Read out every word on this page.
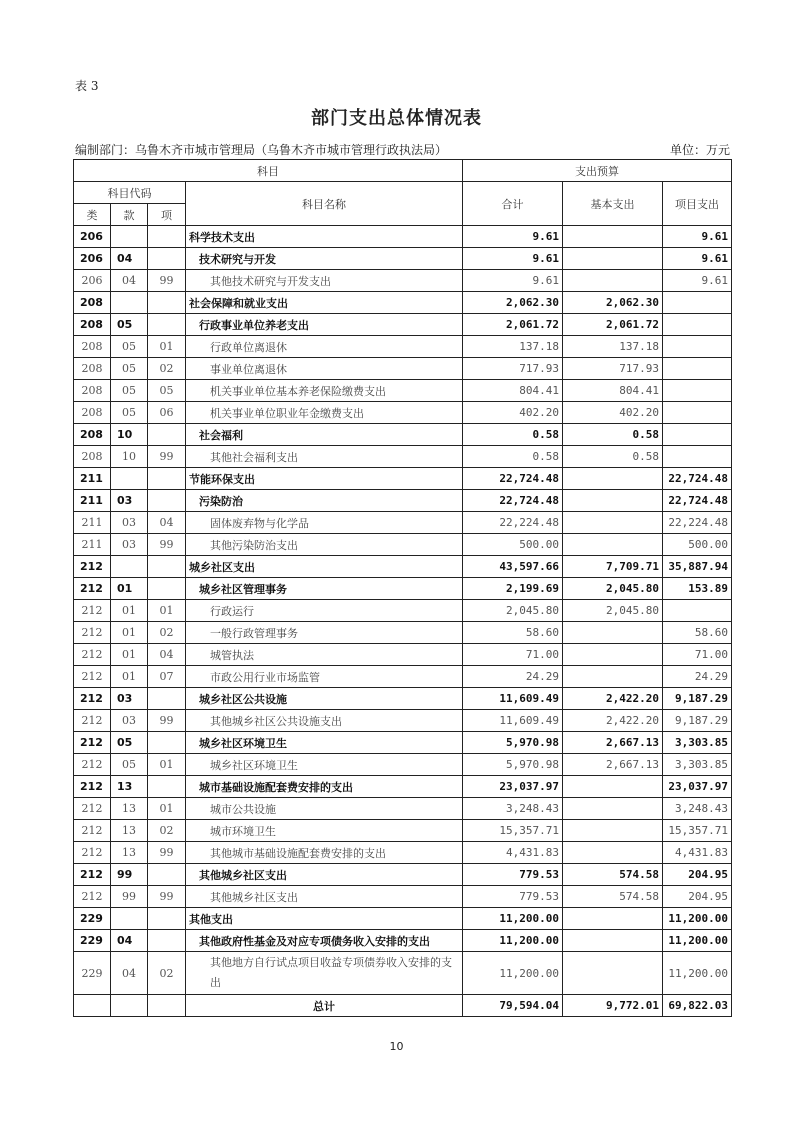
表 3
部门支出总体情况表
编制部门：乌鲁木齐市城市管理局（乌鲁木齐市城市管理行政执法局）	单位：万元
科目				支出预算		
科目代码			科目名称	合计	基本支出	项目支出
类	款	项				
206			科学技术支出	9.61		9.61
206	04		技术研究与开发	9.61		9.61
206	04	99	其他技术研究与开发支出	9.61		9.61
208			社会保障和就业支出	2,062.30	2,062.30	
208	05		行政事业单位养老支出	2,061.72	2,061.72	
208	05	01	行政单位离退休	137.18	137.18	
208	05	02	事业单位离退休	717.93	717.93	
208	05	05	机关事业单位基本养老保险缴费支出	804.41	804.41	
208	05	06	机关事业单位职业年金缴费支出	402.20	402.20	
208	10		社会福利	0.58	0.58	
208	10	99	其他社会福利支出	0.58	0.58	
211			节能环保支出	22,724.48		22,724.48
211	03		污染防治	22,724.48		22,724.48
211	03	04	固体废弃物与化学品	22,224.48		22,224.48
211	03	99	其他污染防治支出	500.00		500.00
212			城乡社区支出	43,597.66	7,709.71	35,887.94
212	01		城乡社区管理事务	2,199.69	2,045.80	153.89
212	01	01	行政运行	2,045.80	2,045.80	
212	01	02	一般行政管理事务	58.60		58.60
212	01	04	城管执法	71.00		71.00
212	01	07	市政公用行业市场监管	24.29		24.29
212	03		城乡社区公共设施	11,609.49	2,422.20	9,187.29
212	03	99	其他城乡社区公共设施支出	11,609.49	2,422.20	9,187.29
212	05		城乡社区环境卫生	5,970.98	2,667.13	3,303.85
212	05	01	城乡社区环境卫生	5,970.98	2,667.13	3,303.85
212	13		城市基础设施配套费安排的支出	23,037.97		23,037.97
212	13	01	城市公共设施	3,248.43		3,248.43
212	13	02	城市环境卫生	15,357.71		15,357.71
212	13	99	其他城市基础设施配套费安排的支出	4,431.83		4,431.83
212	99		其他城乡社区支出	779.53	574.58	204.95
212	99	99	其他城乡社区支出	779.53	574.58	204.95
229			其他支出	11,200.00		11,200.00
229	04		其他政府性基金及对应专项债务收入安排的支出	11,200.00		11,200.00
229	04	02	其他地方自行试点项目收益专项债券收入安排的支出	11,200.00		11,200.00
			总计	79,594.04	9,772.01	69,822.03
10
